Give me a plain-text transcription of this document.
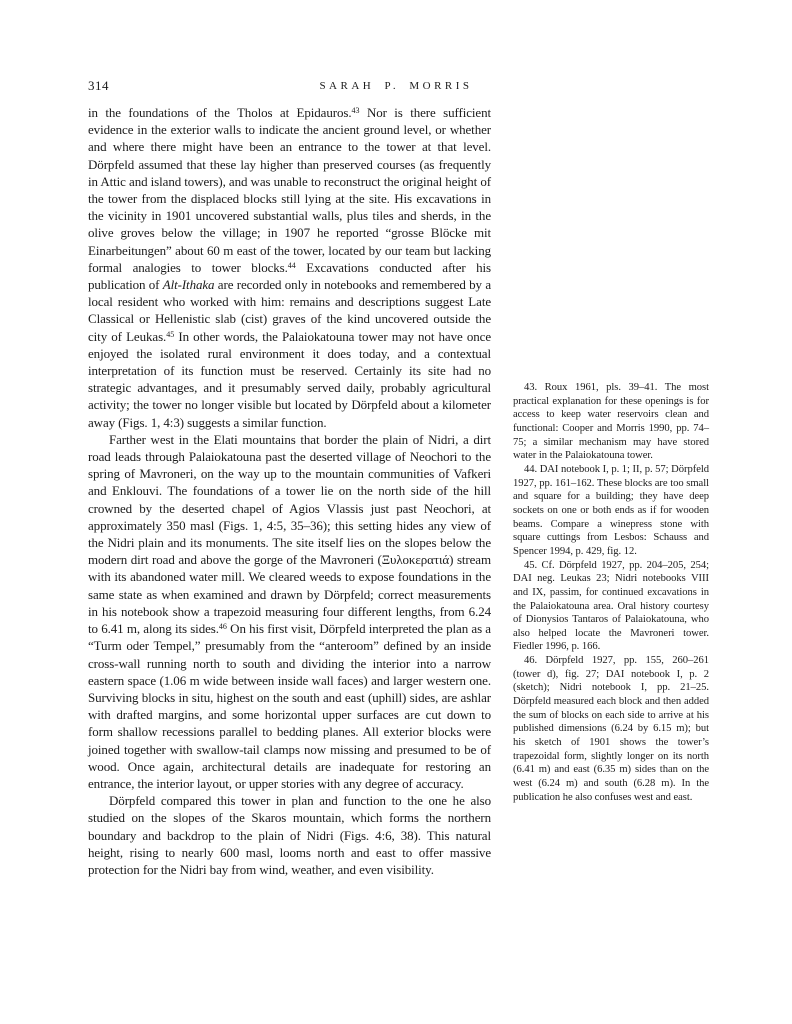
314	SARAH P. MORRIS

in the foundations of the Tholos at Epidauros.$^{43}$ Nor is there sufficient evidence in the exterior walls to indicate the ancient ground level, or whether and where there might have been an entrance to the tower at that level. Dörpfeld assumed that these lay higher than preserved courses (as frequently in Attic and island towers), and was unable to reconstruct the original height of the tower from the displaced blocks still lying at the site. His excavations in the vicinity in 1901 uncovered substantial walls, plus tiles and sherds, in the olive groves below the village; in 1907 he reported “grosse Blöcke mit Einarbeitungen” about 60 m east of the tower, located by our team but lacking formal analogies to tower blocks.$^{44}$ Excavations conducted after his publication of Alt-Ithaka are recorded only in notebooks and remembered by a local resident who worked with him: remains and descriptions suggest Late Classical or Hellenistic slab (cist) graves of the kind uncovered outside the city of Leukas.$^{45}$ In other words, the Palaiokatouna tower may not have once enjoyed the isolated rural environment it does today, and a contextual interpretation of its function must be reserved. Certainly its site had no strategic advantages, and it presumably served daily, probably agricultural activity; the tower no longer visible but located by Dörpfeld about a kilometer away (Figs. 1, 4:3) suggests a similar function.

Farther west in the Elati mountains that border the plain of Nidri, a dirt road leads through Palaiokatouna past the deserted village of Neochori to the spring of Mavroneri, on the way up to the mountain communities of Vafkeri and Enklouvi. The foundations of a tower lie on the north side of the hill crowned by the deserted chapel of Agios Vlassis just past Neochori, at approximately 350 masl (Figs. 1, 4:5, 35–36); this setting hides any view of the Nidri plain and its monuments. The site itself lies on the slopes below the modern dirt road and above the gorge of the Mavroneri (Ξυλοκερατιά) stream with its abandoned water mill. We cleared weeds to expose foundations in the same state as when examined and drawn by Dörpfeld; correct measurements in his notebook show a trapezoid measuring four different lengths, from 6.24 to 6.41 m, along its sides.$^{46}$ On his first visit, Dörpfeld interpreted the plan as a “Turm oder Tempel,” presumably from the “anteroom” defined by an inside cross-wall running north to south and dividing the interior into a narrow eastern space (1.06 m wide between inside wall faces) and larger western one. Surviving blocks in situ, highest on the south and east (uphill) sides, are ashlar with drafted margins, and some horizontal upper surfaces are cut down to form shallow recessions parallel to bedding planes. All exterior blocks were joined together with swallow-tail clamps now missing and presumed to be of wood. Once again, architectural details are inadequate for restoring an entrance, the interior layout, or upper stories with any degree of accuracy.

Dörpfeld compared this tower in plan and function to the one he also studied on the slopes of the Skaros mountain, which forms the northern boundary and backdrop to the plain of Nidri (Figs. 4:6, 38). This natural height, rising to nearly 600 masl, looms north and east to offer massive protection for the Nidri bay from wind, weather, and even visibility.

43. Roux 1961, pls. 39–41. The most practical explanation for these openings is for access to keep water reservoirs clean and functional: Cooper and Morris 1990, pp. 74–75; a similar mechanism may have stored water in the Palaiokatouna tower.

44. DAI notebook I, p. 1; II, p. 57; Dörpfeld 1927, pp. 161–162. These blocks are too small and square for a building; they have deep sockets on one or both ends as if for wooden beams. Compare a winepress stone with square cuttings from Lesbos: Schauss and Spencer 1994, p. 429, fig. 12.

45. Cf. Dörpfeld 1927, pp. 204–205, 254; DAI neg. Leukas 23; Nidri notebooks VIII and IX, passim, for continued excavations in the Palaiokatouna area. Oral history courtesy of Dionysios Tantaros of Palaiokatouna, who also helped locate the Mavroneri tower. Fiedler 1996, p. 166.

46. Dörpfeld 1927, pp. 155, 260–261 (tower d), fig. 27; DAI notebook I, p. 2 (sketch); Nidri notebook I, pp. 21–25. Dörpfeld measured each block and then added the sum of blocks on each side to arrive at his published dimensions (6.24 by 6.15 m); but his sketch of 1901 shows the tower’s trapezoidal form, slightly longer on its north (6.41 m) and east (6.35 m) sides than on the west (6.24 m) and south (6.28 m). In the publication he also confuses west and east.
